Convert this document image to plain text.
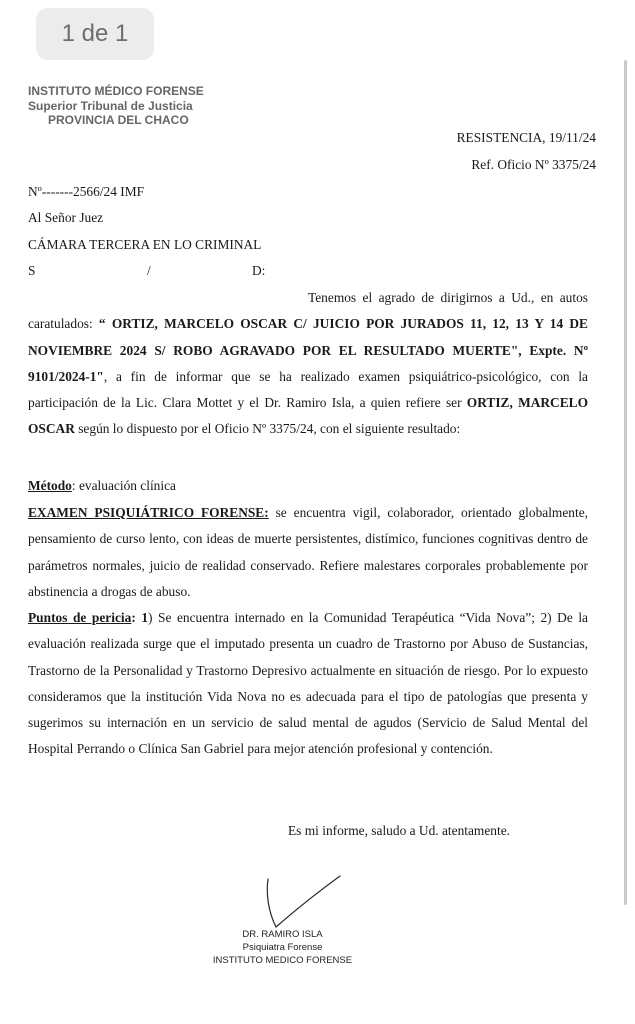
1 de 1
INSTITUTO MÉDICO FORENSE
Superior Tribunal de Justicia
PROVINCIA DEL CHACO
RESISTENCIA, 19/11/24
Ref. Oficio Nº 3375/24
Nº-------2566/24 IMF
Al Señor Juez
CÁMARA TERCERA EN LO CRIMINAL
S	/	D:
Tenemos el agrado de dirigirnos a Ud., en autos caratulados: “ ORTIZ, MARCELO OSCAR C/ JUICIO POR JURADOS 11, 12, 13 Y 14 DE NOVIEMBRE 2024 S/ ROBO AGRAVADO POR EL RESULTADO MUERTE", Expte. Nº 9101/2024-1", a fin de informar que se ha realizado examen psiquiátrico-psicológico, con la participación de la Lic. Clara Mottet y el Dr. Ramiro Isla, a quien refiere ser ORTIZ, MARCELO OSCAR según lo dispuesto por el Oficio Nº 3375/24, con el siguiente resultado:
Método: evaluación clínica
EXAMEN PSIQUIÁTRICO FORENSE: se encuentra vigil, colaborador, orientado globalmente, pensamiento de curso lento, con ideas de muerte persistentes, distímico, funciones cognitivas dentro de parámetros normales, juicio de realidad conservado. Refiere malestares corporales probablemente por abstinencia a drogas de abuso.
Puntos de pericia: 1) Se encuentra internado en la Comunidad Terapéutica “Vida Nova”; 2) De la evaluación realizada surge que el imputado presenta un cuadro de Trastorno por Abuso de Sustancias, Trastorno de la Personalidad y Trastorno Depresivo actualmente en situación de riesgo. Por lo expuesto consideramos que la institución Vida Nova no es adecuada para el tipo de patologías que presenta y sugerimos su internación en un servicio de salud mental de agudos (Servicio de Salud Mental del Hospital Perrando o Clínica San Gabriel para mejor atención profesional y contención.
Es mi informe, saludo a Ud. atentamente.
DR. RAMIRO ISLA
Psiquiatra Forense
INSTITUTO MEDICO FORENSE
